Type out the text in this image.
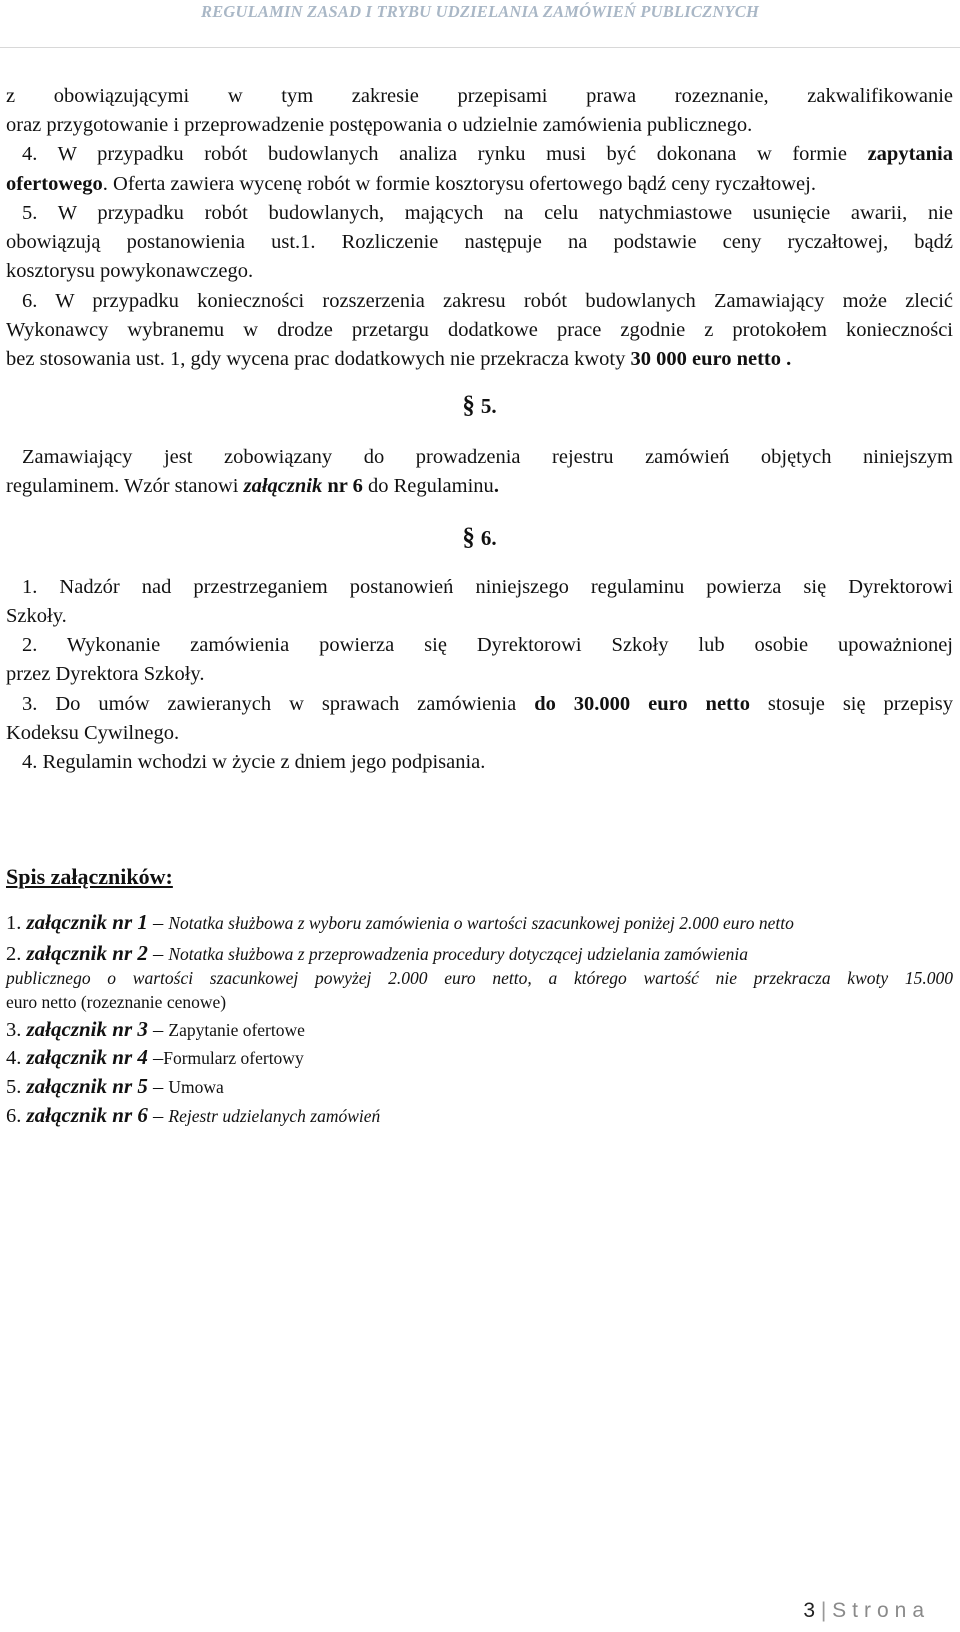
REGULAMIN ZASAD I TRYBU UDZIELANIA ZAMÓWIEŃ PUBLICZNYCH
z obowiązującymi w tym zakresie przepisami prawa rozeznanie, zakwalifikowanie
oraz przygotowanie i przeprowadzenie postępowania o udzielnie zamówienia publicznego.
4. W przypadku robót budowlanych analiza rynku musi być dokonana w formie zapytania
ofertowego. Oferta zawiera wycenę robót w formie kosztorysu ofertowego bądź ceny ryczałtowej.
5. W przypadku robót budowlanych, mających na celu natychmiastowe usunięcie awarii, nie
obowiązują postanowienia ust.1. Rozliczenie następuje na podstawie ceny ryczałtowej, bądź
kosztorysu powykonawczego.
6. W przypadku konieczności rozszerzenia zakresu robót budowlanych Zamawiający może zlecić
Wykonawcy wybranemu w drodze przetargu dodatkowe prace zgodnie z protokołem konieczności
bez stosowania ust. 1, gdy wycena prac dodatkowych nie przekracza kwoty 30 000 euro netto .
§ 5.
Zamawiający jest zobowiązany do prowadzenia rejestru zamówień objętych niniejszym
regulaminem. Wzór stanowi załącznik nr 6 do Regulaminu.
§ 6.
1. Nadzór nad przestrzeganiem postanowień niniejszego regulaminu powierza się Dyrektorowi
Szkoły.
2. Wykonanie zamówienia powierza się Dyrektorowi Szkoły lub osobie upoważnionej
przez Dyrektora Szkoły.
3. Do umów zawieranych w sprawach zamówienia do 30.000 euro netto stosuje się przepisy
Kodeksu Cywilnego.
4. Regulamin wchodzi w życie z dniem jego podpisania.
Spis załączników:
1. załącznik nr 1 – Notatka służbowa z wyboru zamówienia o wartości szacunkowej poniżej 2.000 euro netto
2. załącznik nr 2 – Notatka służbowa z przeprowadzenia procedury dotyczącej udzielania zamówienia
publicznego o wartości szacunkowej powyżej 2.000 euro netto, a którego wartość nie przekracza kwoty 15.000
euro netto (rozeznanie cenowe)
3. załącznik nr 3 – Zapytanie ofertowe
4. załącznik nr 4 –Formularz ofertowy
5. załącznik nr 5 – Umowa
6. załącznik nr 6 – Rejestr udzielanych zamówień
3 | Strona
